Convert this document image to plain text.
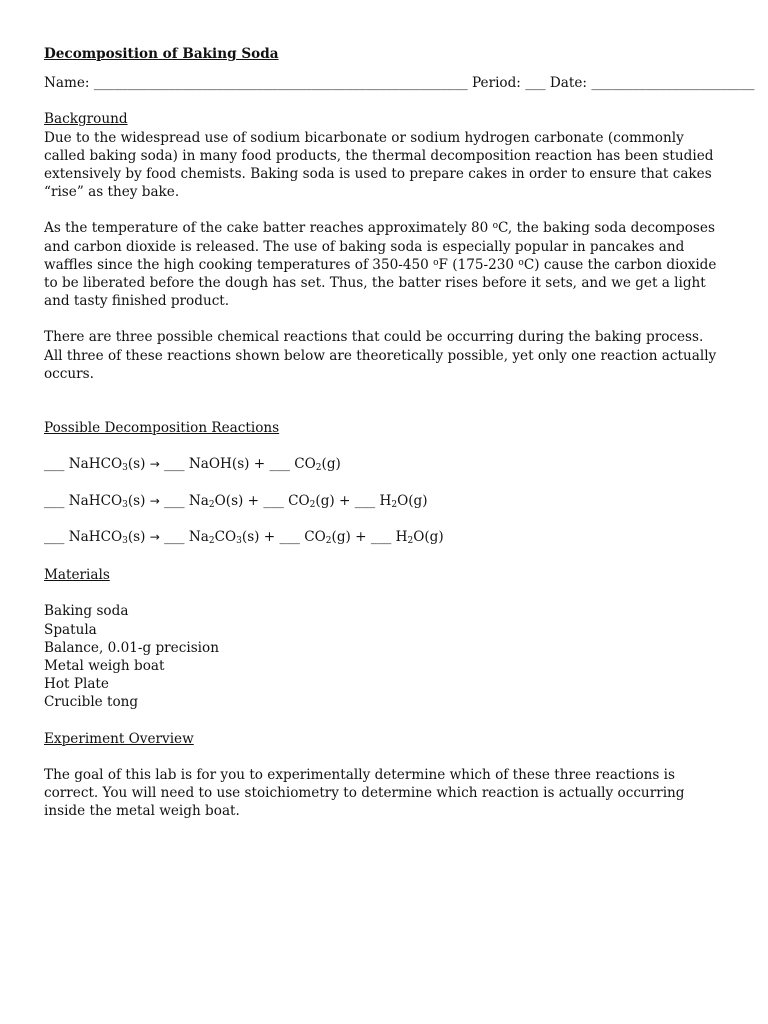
Decomposition of Baking Soda
Name: _______________________________________________________ Period: ___ Date: ________________________
Background
Due to the widespread use of sodium bicarbonate or sodium hydrogen carbonate (commonly called baking soda) in many food products, the thermal decomposition reaction has been studied extensively by food chemists. Baking soda is used to prepare cakes in order to ensure that cakes “rise” as they bake.
As the temperature of the cake batter reaches approximately 80 $^o$C, the baking soda decomposes and carbon dioxide is released. The use of baking soda is especially popular in pancakes and waffles since the high cooking temperatures of 350-450 $^o$F (175-230 $^o$C) cause the carbon dioxide to be liberated before the dough has set. Thus, the batter rises before it sets, and we get a light and tasty finished product.
There are three possible chemical reactions that could be occurring during the baking process. All three of these reactions shown below are theoretically possible, yet only one reaction actually occurs.
Possible Decomposition Reactions
___ NaHCO$_3$(s) → ___ NaOH(s) + ___ $CO_2(g)$
___ NaHCO$_3$(s) → ___ $Na_2O(s)$ + ___ $CO_2(g)$ + ___ $H_2O(g)$
___ NaHCO$_3$(s) → ___ $Na_2CO_3(s)$ + ___ $CO_2(g)$ + ___ $H_2O(g)$
Materials
Baking soda
Spatula
Balance, 0.01-g precision
Metal weigh boat
Hot Plate
Crucible tong
Experiment Overview
The goal of this lab is for you to experimentally determine which of these three reactions is correct. You will need to use stoichiometry to determine which reaction is actually occurring inside the metal weigh boat.
